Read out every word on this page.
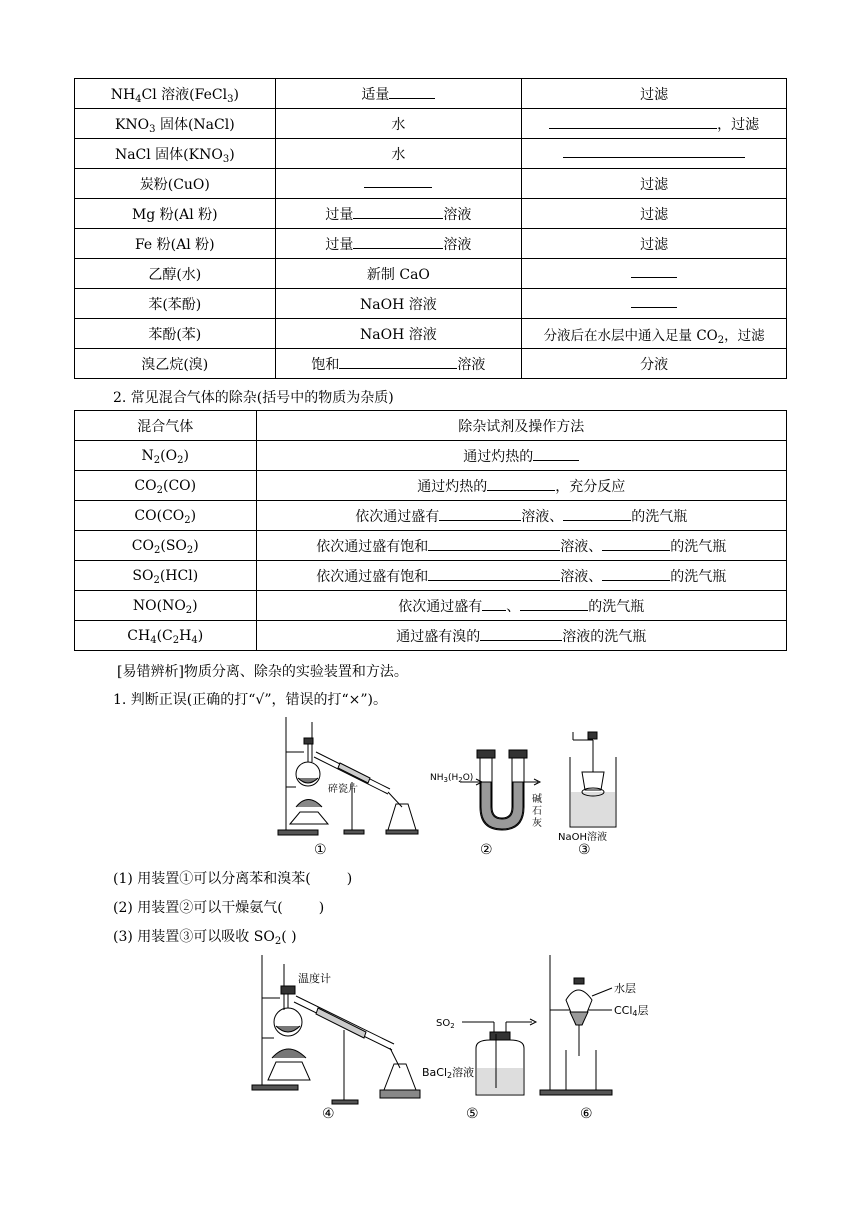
$NH_4Cl$ 溶液(FeCl$_3$)	适量	过滤
$KNO_3$ 固体(NaCl)	水	，过滤
NaCl 固体$(KNO_3)$	水	
炭粉(CuO)		过滤
Mg 粉(Al 粉)	过量 溶液	过滤
Fe 粉(Al 粉)	过量 溶液	过滤
乙醇(水)	新制 CaO	
苯(苯酚)	NaOH 溶液	
苯酚(苯)	NaOH 溶液	分液后在水层中通入足量 $CO_2$，过滤
溴乙烷(溴)	饱和 溶液	分液
2. 常见混合气体的除杂(括号中的物质为杂质)
混合气体	除杂试剂及操作方法
$N_2(O_2)$	通过灼热的
$CO_2(CO)$	通过灼热的 ，充分反应
$CO(CO_2)$	依次通过盛有 溶液、 的洗气瓶
$CO_2(SO_2)$	依次通过盛有饱和 溶液、 的洗气瓶
$SO_2(HCl)$	依次通过盛有饱和 溶液、 的洗气瓶
$NO(NO_2)$	依次通过盛有 、 的洗气瓶
$CH_4(C_2H_4)$	通过盛有溴的 溶液的洗气瓶
[易错辨析]物质分离、除杂的实验装置和方法。
1. 判断正误(正确的打“√”，错误的打“×”)。
碎瓷片
$NH_3(H_2O)$
碱
石
灰
NaOH溶液
①	②	③
(1) 用装置①可以分离苯和溴苯(	)
(2) 用装置②可以干燥氨气(	)
(3) 用装置③可以吸收 $SO_2$( )
温度计
$SO_2$
BaCl2溶液
水层
CCl4层
④	⑤	⑥
